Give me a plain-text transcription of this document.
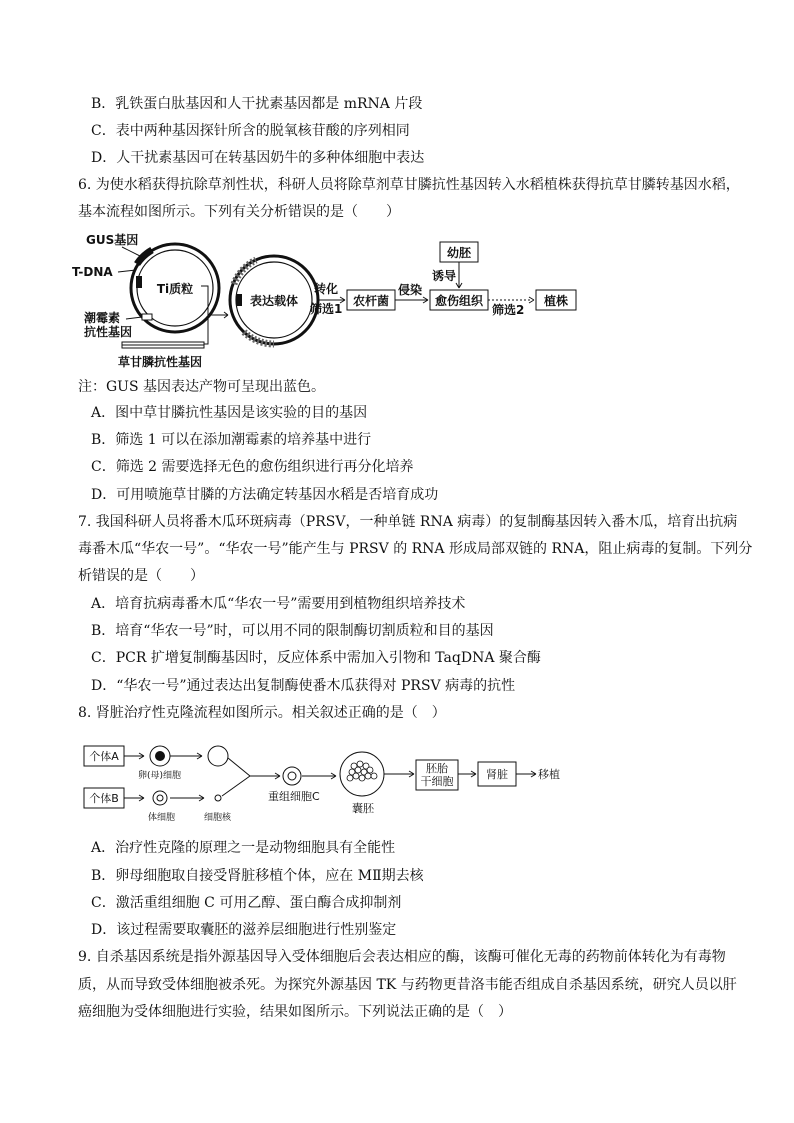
B．乳铁蛋白肽基因和人干扰素基因都是 mRNA 片段
C．表中两种基因探针所含的脱氧核苷酸的序列相同
D．人干扰素基因可在转基因奶牛的多种体细胞中表达
6. 为使水稻获得抗除草剂性状，科研人员将除草剂草甘膦抗性基因转入水稻植株获得抗草甘膦转基因水稻，
基本流程如图所示。下列有关分析错误的是（　　）
Ti质粒
GUS基因
T-DNA
潮霉素
抗性基因
草甘膦抗性基因
表达载体
转化
筛选1
农杆菌
侵染
愈伤组织
幼胚
诱导
筛选2
植株
注：GUS 基因表达产物可呈现出蓝色。
A．图中草甘膦抗性基因是该实验的目的基因
B．筛选 1 可以在添加潮霉素的培养基中进行
C．筛选 2 需要选择无色的愈伤组织进行再分化培养
D．可用喷施草甘膦的方法确定转基因水稻是否培育成功
7. 我国科研人员将番木瓜环斑病毒（PRSV，一种单链 RNA 病毒）的复制酶基因转入番木瓜，培育出抗病
毒番木瓜“华农一号”。“华农一号”能产生与 PRSV 的 RNA 形成局部双链的 RNA，阻止病毒的复制。下列分
析错误的是（　　）
A．培育抗病毒番木瓜“华农一号”需要用到植物组织培养技术
B．培育“华农一号”时，可以用不同的限制酶切割质粒和目的基因
C．PCR 扩增复制酶基因时，反应体系中需加入引物和 TaqDNA 聚合酶
D．“华农一号”通过表达出复制酶使番木瓜获得对 PRSV 病毒的抗性
8. 肾脏治疗性克隆流程如图所示。相关叙述正确的是（　）
个体A
卵(母)细胞
个体B
体细胞	细胞核
重组细胞C
囊胚
胚胎
干细胞
肾脏	移植
A．治疗性克隆的原理之一是动物细胞具有全能性
B．卵母细胞取自接受肾脏移植个体，应在 MⅡ期去核
C．激活重组细胞 C 可用乙醇、蛋白酶合成抑制剂
D．该过程需要取囊胚的滋养层细胞进行性别鉴定
9. 自杀基因系统是指外源基因导入受体细胞后会表达相应的酶，该酶可催化无毒的药物前体转化为有毒物
质，从而导致受体细胞被杀死。为探究外源基因 TK 与药物更昔洛韦能否组成自杀基因系统，研究人员以肝
癌细胞为受体细胞进行实验，结果如图所示。下列说法正确的是（　）
